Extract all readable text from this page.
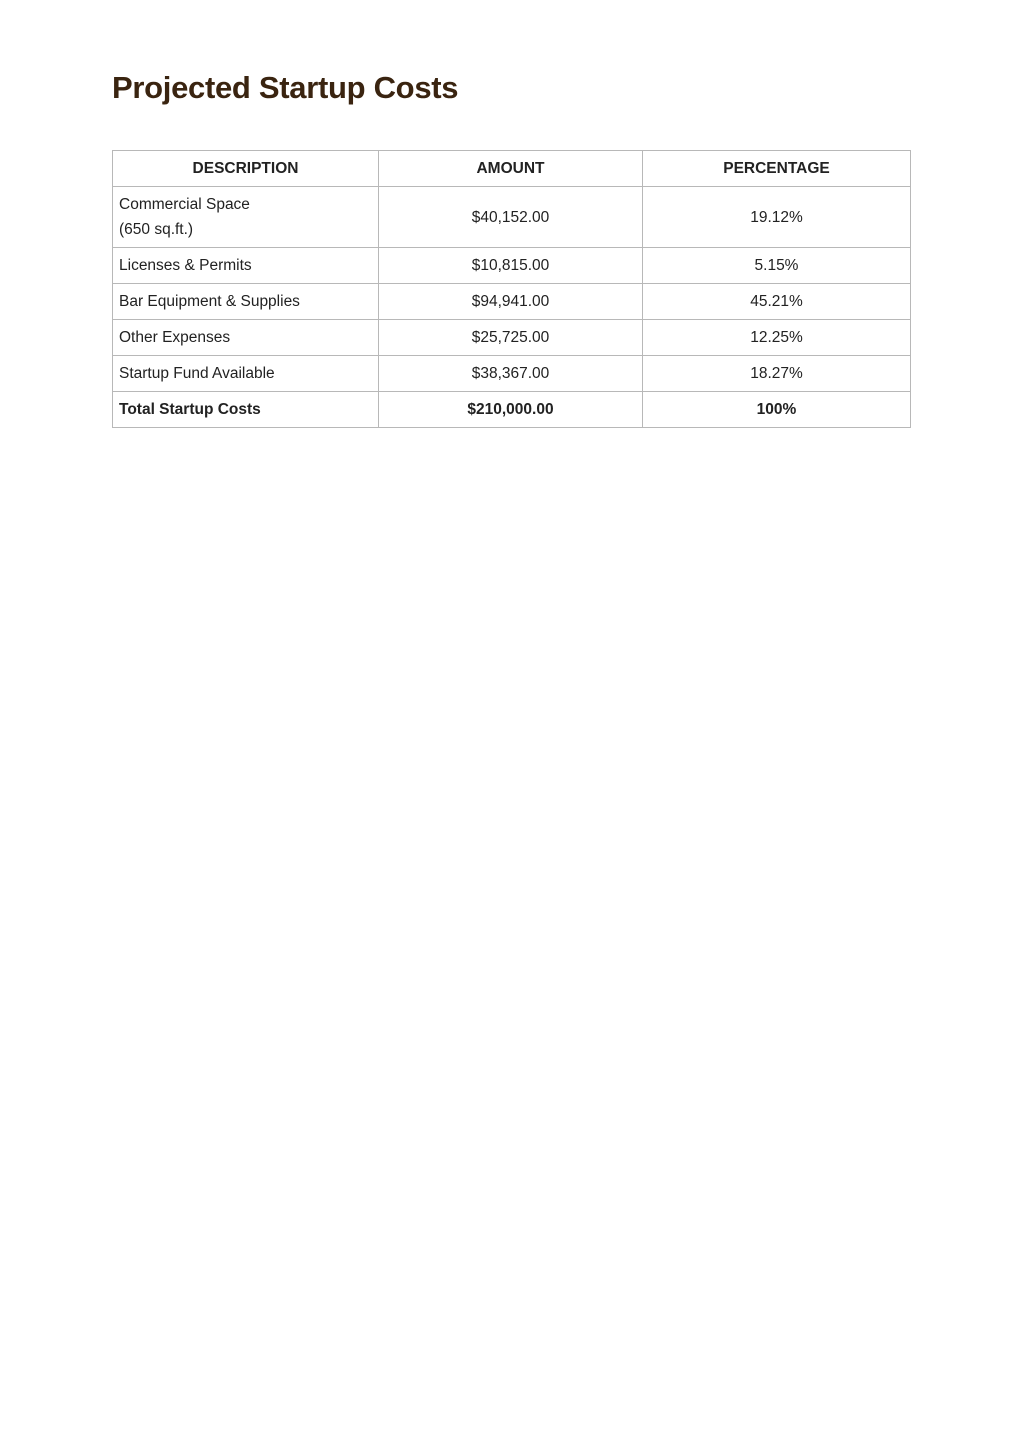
Projected Startup Costs
DESCRIPTION	AMOUNT	PERCENTAGE

Commercial Space
(650 sq.ft.)	$40,152.00	19.12%
Licenses & Permits	$10,815.00	5.15%
Bar Equipment & Supplies	$94,941.00	45.21%
Other Expenses	$25,725.00	12.25%
Startup Fund Available	$38,367.00	18.27%
Total Startup Costs	$210,000.00	100%
